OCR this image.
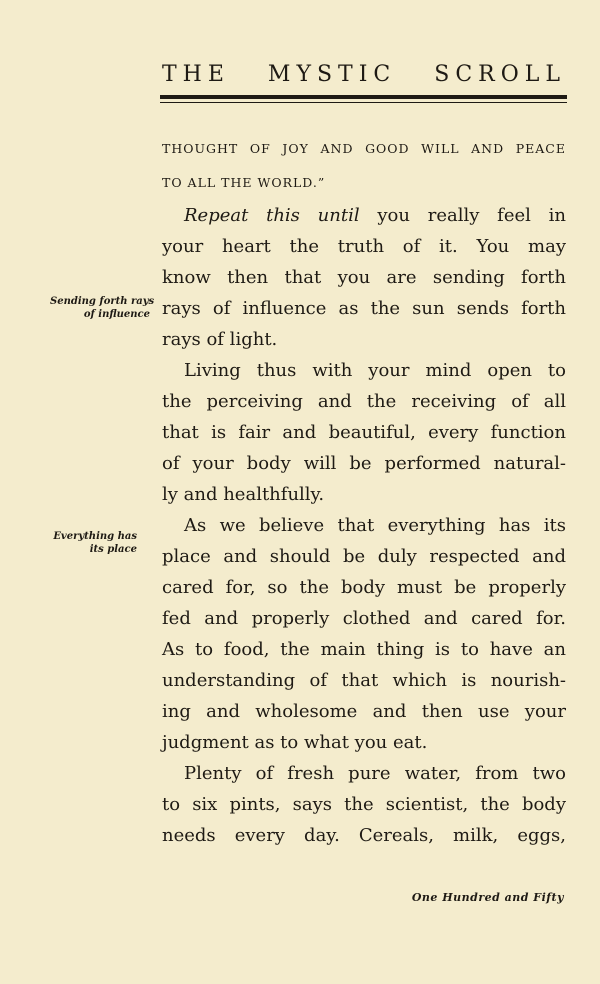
THE MYSTIC SCROLL
Sending forth rays
of influence
Everything has
its place
THOUGHT OF JOY AND GOOD WILL AND PEACE
TO ALL THE WORLD.”
Repeat this until you really feel in
your heart the truth of it. You may
know then that you are sending forth
rays of influence as the sun sends forth
rays of light.
Living thus with your mind open to
the perceiving and the receiving of all
that is fair and beautiful, every function
of your body will be performed natural-
ly and healthfully.
As we believe that everything has its
place and should be duly respected and
cared for, so the body must be properly
fed and properly clothed and cared for.
As to food, the main thing is to have an
understanding of that which is nourish-
ing and wholesome and then use your
judgment as to what you eat.
Plenty of fresh pure water, from two
to six pints, says the scientist, the body
needs every day. Cereals, milk, eggs,
One Hundred and Fifty
